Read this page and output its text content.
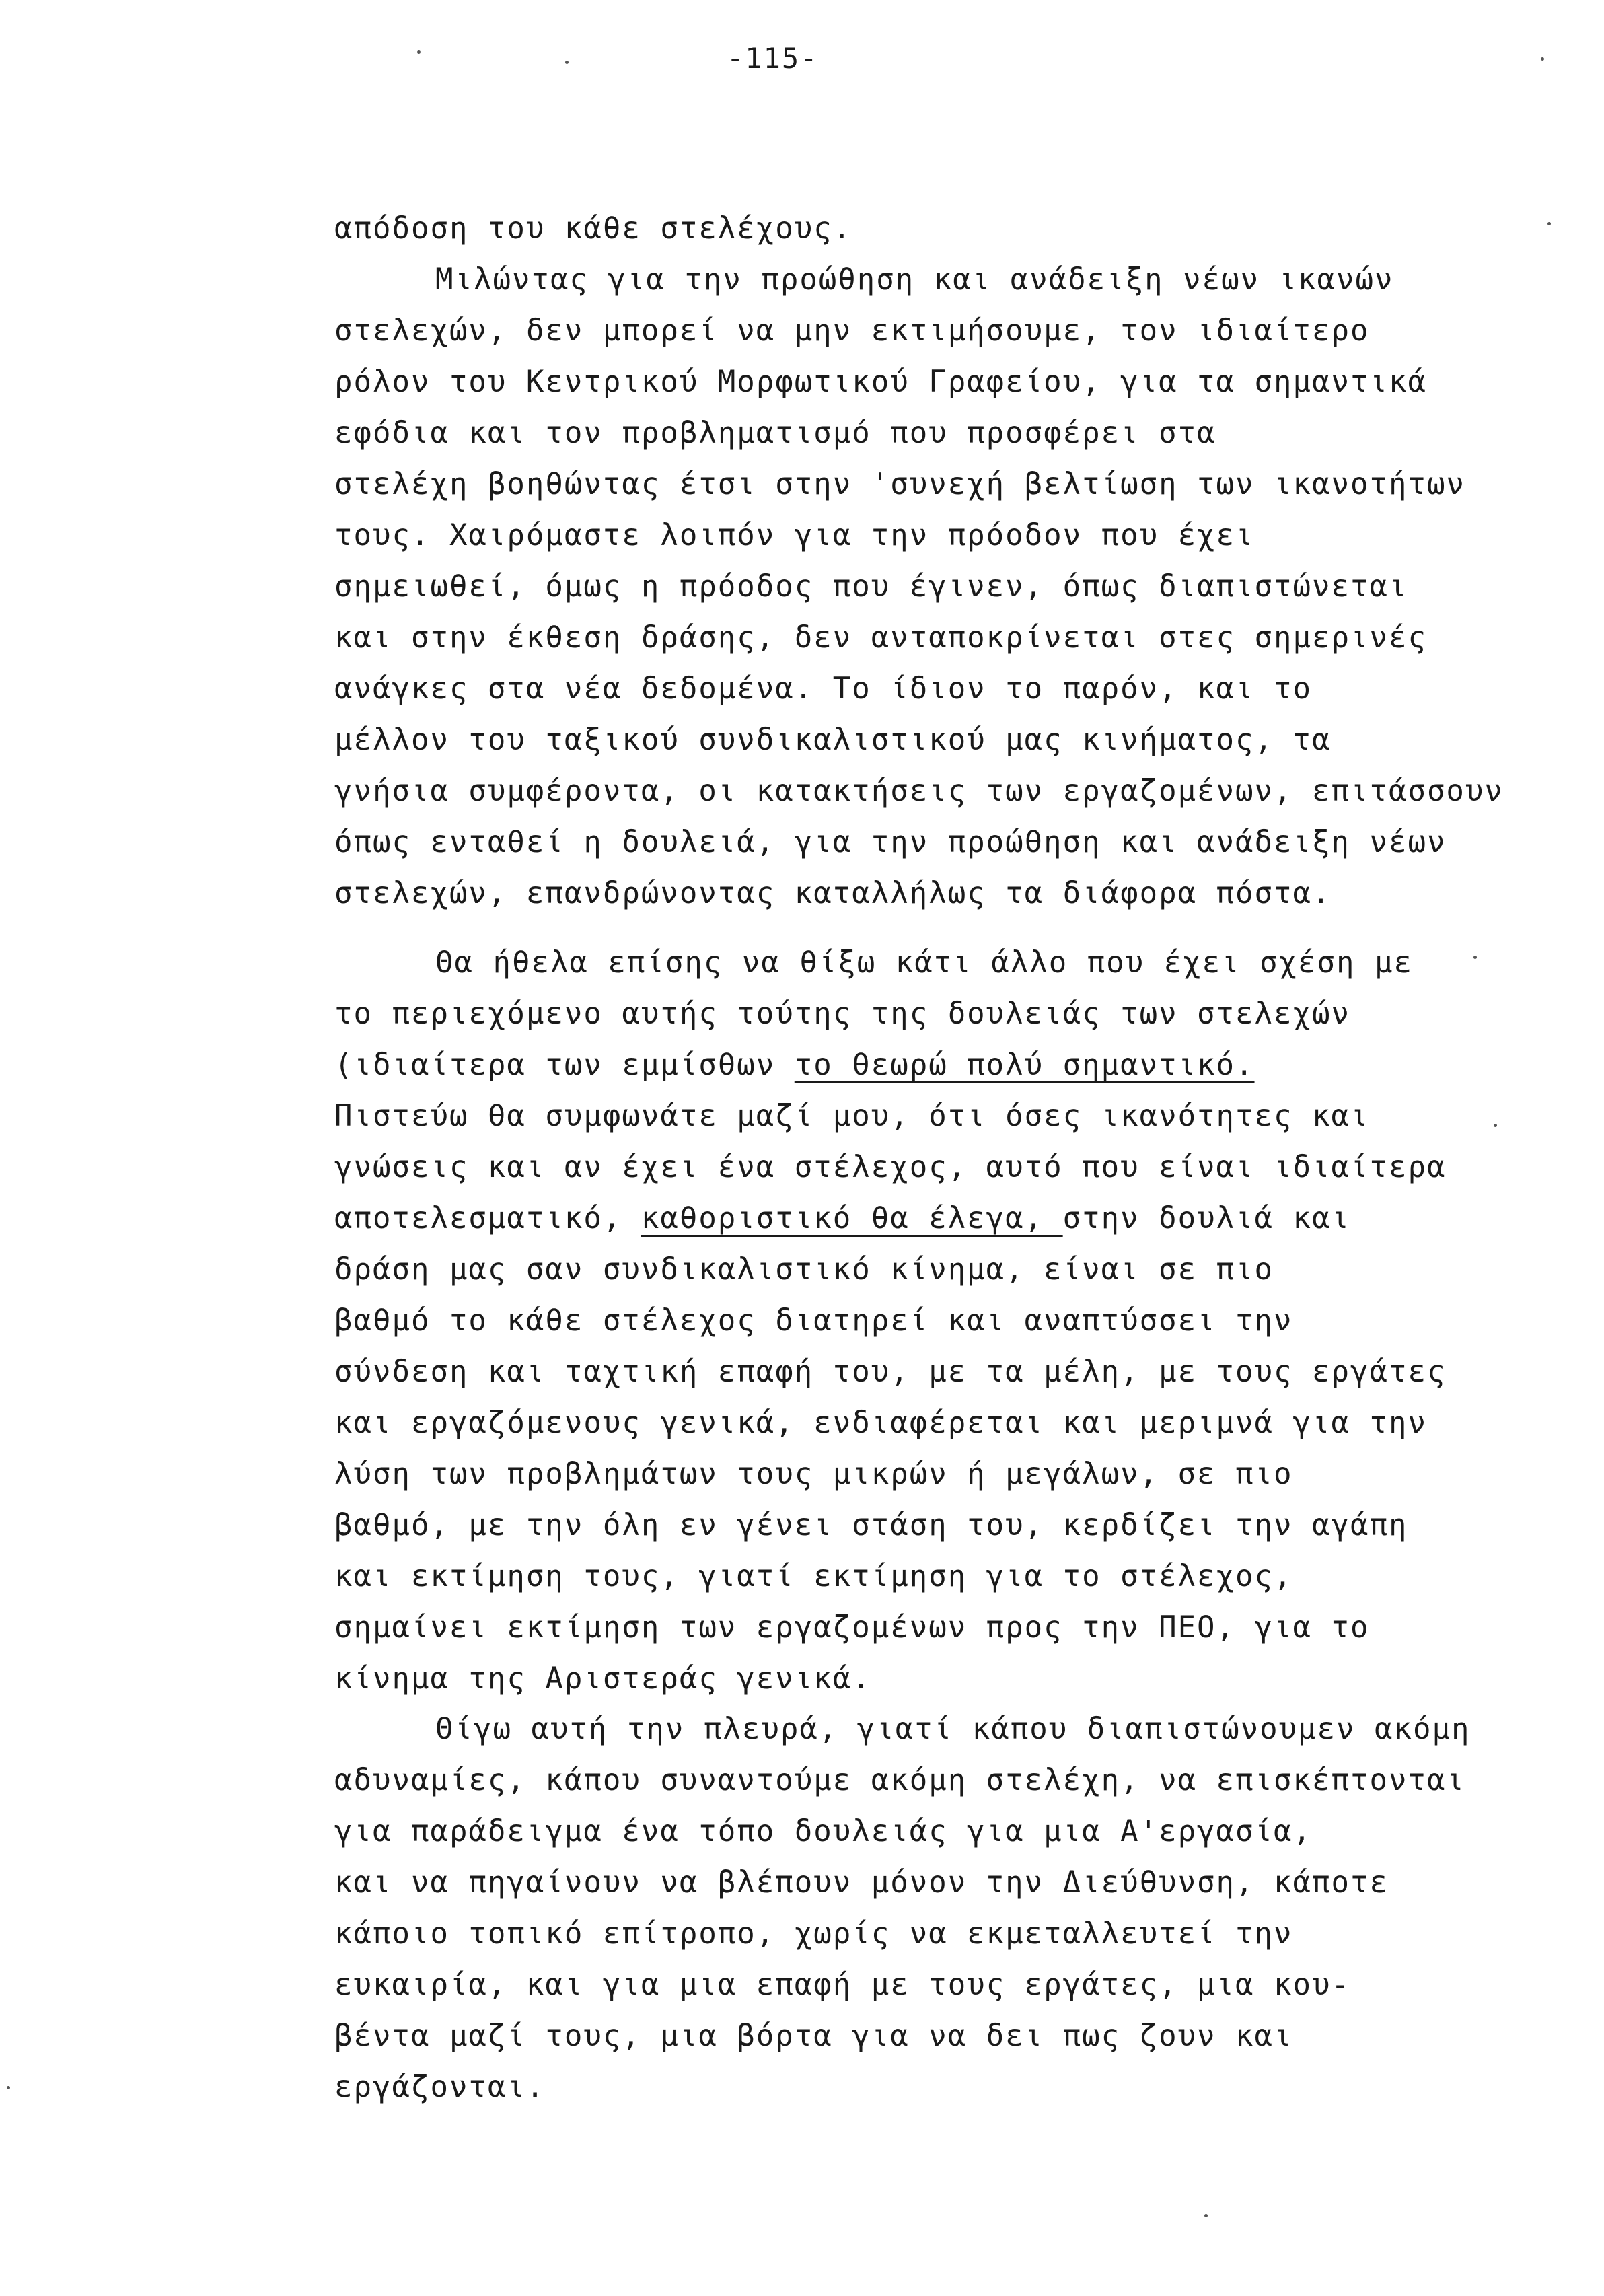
-115-
απόδοση του κάθε στελέχους.
Μιλώντας για την προώθηση και ανάδειξη νέων ικανών
στελεχών, δεν μπορεί να μην εκτιμήσουμε, τον ιδιαίτερο
ρόλον του Κεντρικού Μορφωτικού Γραφείου, για τα σημαντικά
εφόδια και τον προβληματισμό που προσφέρει στα
στελέχη βοηθώντας έτσι στην 'συνεχή βελτίωση των ικανοτήτων
τους. Χαιρόμαστε λοιπόν για την πρόοδον που έχει
σημειωθεί, όμως η πρόοδος που έγινεν, όπως διαπιστώνεται
και στην έκθεση δράσης, δεν ανταποκρίνεται στες σημερινές
ανάγκες στα νέα δεδομένα. Το ίδιον το παρόν, και το
μέλλον του ταξικού συνδικαλιστικού μας κινήματος, τα
γνήσια συμφέροντα, οι κατακτήσεις των εργαζομένων, επιτάσσουν
όπως ενταθεί η δουλειά, για την προώθηση και ανάδειξη νέων
στελεχών, επανδρώνοντας καταλλήλως τα διάφορα πόστα.
Θα ήθελα επίσης να θίξω κάτι άλλο που έχει σχέση με
το περιεχόμενο αυτής τούτης της δουλειάς των στελεχών
(ιδιαίτερα των εμμίσθων το θεωρώ πολύ σημαντικό.
Πιστεύω θα συμφωνάτε μαζί μου, ότι όσες ικανότητες και
γνώσεις και αν έχει ένα στέλεχος, αυτό που είναι ιδιαίτερα
αποτελεσματικό, καθοριστικό θα έλεγα, στην δουλιά και
δράση μας σαν συνδικαλιστικό κίνημα, είναι σε πιο
βαθμό το κάθε στέλεχος διατηρεί και αναπτύσσει την
σύνδεση και ταχτική επαφή του, με τα μέλη, με τους εργάτες
και εργαζόμενους γενικά, ενδιαφέρεται και μεριμνά για την
λύση των προβλημάτων τους μικρών ή μεγάλων, σε πιο
βαθμό, με την όλη εν γένει στάση του, κερδίζει την αγάπη
και εκτίμηση τους, γιατί εκτίμηση για το στέλεχος,
σημαίνει εκτίμηση των εργαζομένων προς την ΠΕΟ, για το
κίνημα της Αριστεράς γενικά.
Θίγω αυτή την πλευρά, γιατί κάπου διαπιστώνουμεν ακόμη
αδυναμίες, κάπου συναντούμε ακόμη στελέχη, να επισκέπτονται
για παράδειγμα ένα τόπο δουλειάς για μια Α'εργασία,
και να πηγαίνουν να βλέπουν μόνον την Διεύθυνση, κάποτε
κάποιο τοπικό επίτροπο, χωρίς να εκμεταλλευτεί την
ευκαιρία, και για μια επαφή με τους εργάτες, μια κου-
βέντα μαζί τους, μια βόρτα για να δει πως ζουν και
εργάζονται.
